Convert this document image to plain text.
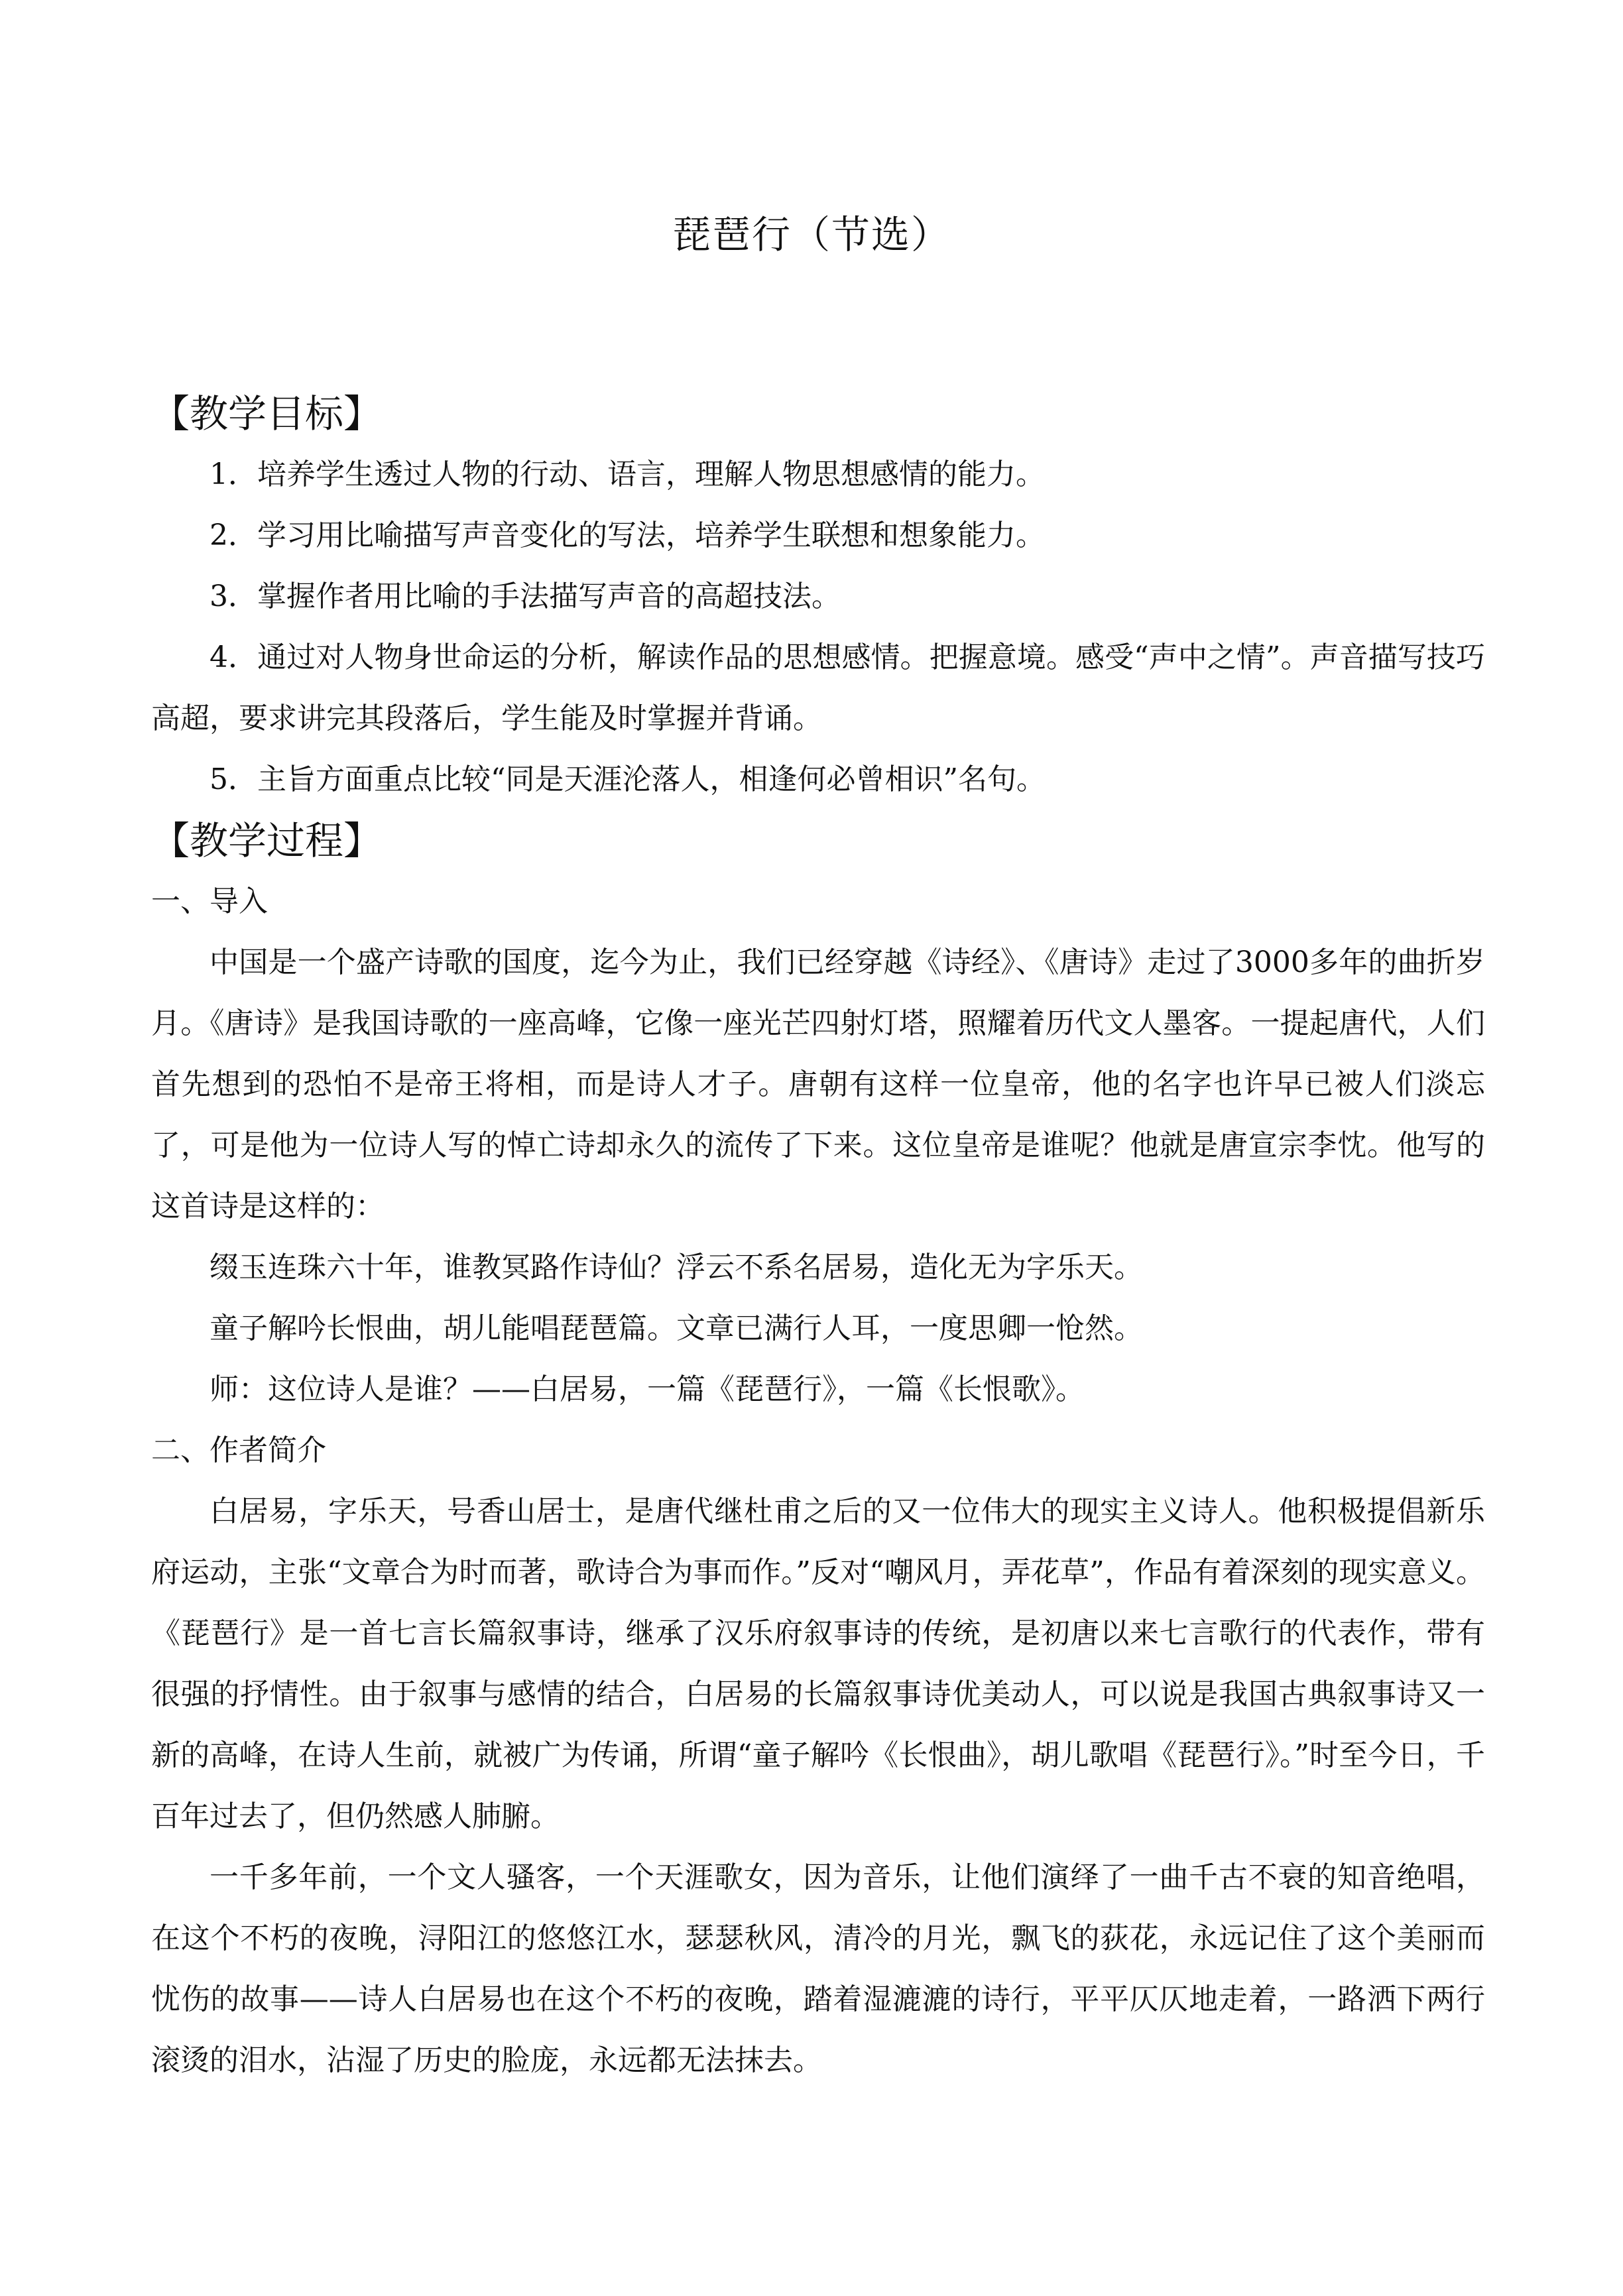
琵琶行（节选）
【教学目标】

1．培养学生透过人物的行动、语言，理解人物思想感情的能力。

2．学习用比喻描写声音变化的写法，培养学生联想和想象能力。

3．掌握作者用比喻的手法描写声音的高超技法。

4．通过对人物身世命运的分析，解读作品的思想感情。把握意境。感受“声中之情”。声音描写技巧高超，要求讲完其段落后，学生能及时掌握并背诵。

5．主旨方面重点比较“同是天涯沦落人，相逢何必曾相识”名句。

【教学过程】

一、导入

中国是一个盛产诗歌的国度，迄今为止，我们已经穿越《诗经》、《唐诗》走过了3000多年的曲折岁月。《唐诗》是我国诗歌的一座高峰，它像一座光芒四射灯塔，照耀着历代文人墨客。一提起唐代，人们首先想到的恐怕不是帝王将相，而是诗人才子。唐朝有这样一位皇帝，他的名字也许早已被人们淡忘了，可是他为一位诗人写的悼亡诗却永久的流传了下来。这位皇帝是谁呢？他就是唐宣宗李忱。他写的这首诗是这样的：

缀玉连珠六十年，谁教冥路作诗仙？浮云不系名居易，造化无为字乐天。

童子解吟长恨曲，胡儿能唱琵琶篇。文章已满行人耳，一度思卿一怆然。

师：这位诗人是谁？——白居易，一篇《琵琶行》，一篇《长恨歌》。

二、作者简介

白居易，字乐天，号香山居士，是唐代继杜甫之后的又一位伟大的现实主义诗人。他积极提倡新乐府运动，主张“文章合为时而著，歌诗合为事而作。”反对“嘲风月，弄花草”，作品有着深刻的现实意义。《琵琶行》是一首七言长篇叙事诗，继承了汉乐府叙事诗的传统，是初唐以来七言歌行的代表作，带有很强的抒情性。由于叙事与感情的结合，白居易的长篇叙事诗优美动人，可以说是我国古典叙事诗又一新的高峰，在诗人生前，就被广为传诵，所谓“童子解吟《长恨曲》，胡儿歌唱《琵琶行》。”时至今日，千百年过去了，但仍然感人肺腑。

一千多年前，一个文人骚客，一个天涯歌女，因为音乐，让他们演绎了一曲千古不衰的知音绝唱，在这个不朽的夜晚，浔阳江的悠悠江水，瑟瑟秋风，清冷的月光，飘飞的荻花，永远记住了这个美丽而忧伤的故事——诗人白居易也在这个不朽的夜晚，踏着湿漉漉的诗行，平平仄仄地走着，一路洒下两行滚烫的泪水，沾湿了历史的脸庞，永远都无法抹去。
